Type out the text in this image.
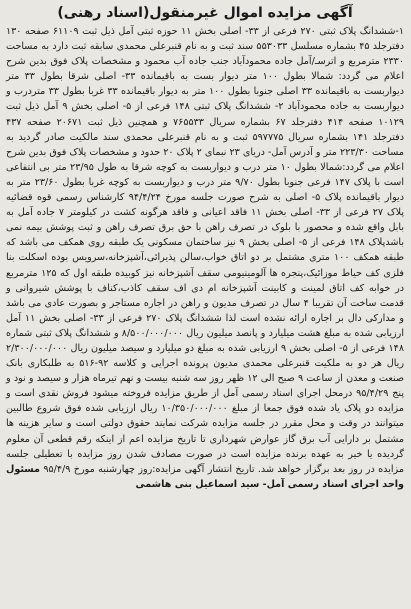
آگهی مزایده اموال غیرمنقول(اسناد رهنی)

۱-ششدانگ پلاک ثبتی ۲۷۰ فرعی از ۳۳- اصلی بخش ۱۱ حوزه ثبتی آمل ذیل ثبت ۶۱۱۰۹ صفحه ۱۳۰ دفترجلد ۴۵ بشماره مسلسل ۵۵۳۰۳۳ سند ثبت و به نام قنبرعلی محمدی سابقه ثبت دارد به مساحت ۲۳۳۰ مترمربع و اترسـ/آمل جاده محمودآباد جنب جاده آب محمود و مشخصات پلاک فوق بدین شرح اعلام می گردد: شمالا بطول ۱۰۰ متر دیوار بست به باقیمانده ۳۳- اصلی شرقا بطول ۳۳ متر دیواربست به باقیمانده ۳۳ اصلی جنوبا بطول ۱۰۰ متر به دیوار باقیمانده ۳۳ غربا بطول ۳۳ متردرب و دیواربست به جاده محمودآباد ۲- ششدانگ پلاک ثبتی ۱۴۸ فرعی از ۵- اصلی بخش ۹ آمل ذیل ثبت ۱۰۱۲۹ صفحه ۴۱۴ دفترجلد ۶۷ بشماره سریال ۷۶۵۵۳۳ و همچنین ذیل ثبت ۲۰۶۷۱ صفحه ۴۳۷ دفترجلد ۱۴۱ بشماره سریال ۵۹۷۷۷۵ ثبت و به نام قنبرعلی محمدی سند مالکیت صادر گردید به مساحت ۲۲۳/۳۰ متر و آدرس آمل- دریای ۲۳ نبمای ۲ پلاک ۲۰ حدود و مشخصات پلاک فوق بدین شرح اعلام می گردد:شمالا بطول ۱۰ متر درب و دیواربست به کوچه شرقا به طول ۲۳/۹۵ متر بی انتفاعی است با پلاک ۱۴۷ فرعی جنوبا بطول ۹/۷۰ متر درب و دیواربست به کوچه غربا بطول ۲۳/۶۰ متر به دیوار باقیمانده پلاک ۵- اصلی به شرح صورت جلسه مورخ ۹۴/۴/۲۴ کارشناس رسمی قوه قضائیه پلاک ۲۷ فرعی از ۳۳- اصلی بخش ۱۱ فاقد اعیانی و فاقد هرگونه کشت در کیلومتر ۷ جاده آمل به بابل واقع شده و محصور با بلوک در تصرف راهن با حق برق تصرف راهن و ثبت پوشش بیمه نمی باشدپلاک ۱۴۸ فرعی از ۵- اصلی بخش ۹ نیز ساختمان مسکونی یک طبقه روی همکف می باشد که طبقه همکف ۱۰۰ متری مشتمل بر دو اتاق خواب،سالن پذیرائی،آشپزخانه،سرویس بوده اسکلت بنا فلزی کف حیاط موزائیک،پنجره ها آلومینیومی سقف آشپزخانه نیز کوبیده طبقه اول که ۱۲۵ مترمربع در خوابه کف اتاق لمینت و کابینت آشپزخانه ام دی اف سقف کاذب،کناف با پوشش شیروانی و قدمت ساخت آن تقریبا ۴ سال در تصرف مدیون و راهن در اجاره مستاجر و بصورت عادی می باشد و مدارکی دال بر اجاره ارائه نشده است لذا ششدانگ پلاک ۲۷۰ فرعی از ۳۳- اصلی بخش ۱۱ آمل ارزیابی شده به مبلغ هشت میلیارد و پانصد میلیون ریال ۸/۵۰۰/۰۰۰/۰۰۰ و ششدانگ پلاک ثبتی شماره ۱۴۸ فرعی از ۵- اصلی بخش ۹ ارزیابی شده به مبلغ دو میلیارد و سیصد میلیون ریال ۲/۳۰۰/۰۰۰/۰۰۰ ریال هر دو به ملکیت قنبرعلی محمدی مدیون پرونده اجرایی و کلاسه ۹۲-۵۱۶ به طلبکاری بانک صنعت و معدن از ساعت ۹ صبح الی ۱۲ ظهر روز سه شنبه بیست و نهم تیرماه هزار و سیصد و نود و پنج ۹۵/۴/۲۹ درمحل اجرای اسناد رسمی آمل از طریق مزایده فروخته میشود فروش نقدی است و مزایده دو پلاک یاد شده فوق جمعا از مبلغ ۱۰/۳۵۰/۰۰۰/۰۰۰ ریال ارزیابی شده فوق شروع طالبین میتوانند در وقت و محل مقرر در جلسه مزایده شرکت نمایند حقوق دولتی است و سایر هزینه ها مشتمل بر دارایی آب برق گاز عوارض شهرداری تا تاریخ مزایده اعم از اینکه رقم قطعی آن معلوم گردیده یا خیر به عهده برنده مزایده است در صورت مصادف شدن روز مزایده با تعطیلی جلسه مزایده در روز بعد برگزار خواهد شد. تاریخ انتشار آگهی مزایده:روز چهارشنبه مورخ ۹۵/۴/۹ مسئول واحد اجرای اسناد رسمی آمل- سید اسماعیل بنی هاشمی
